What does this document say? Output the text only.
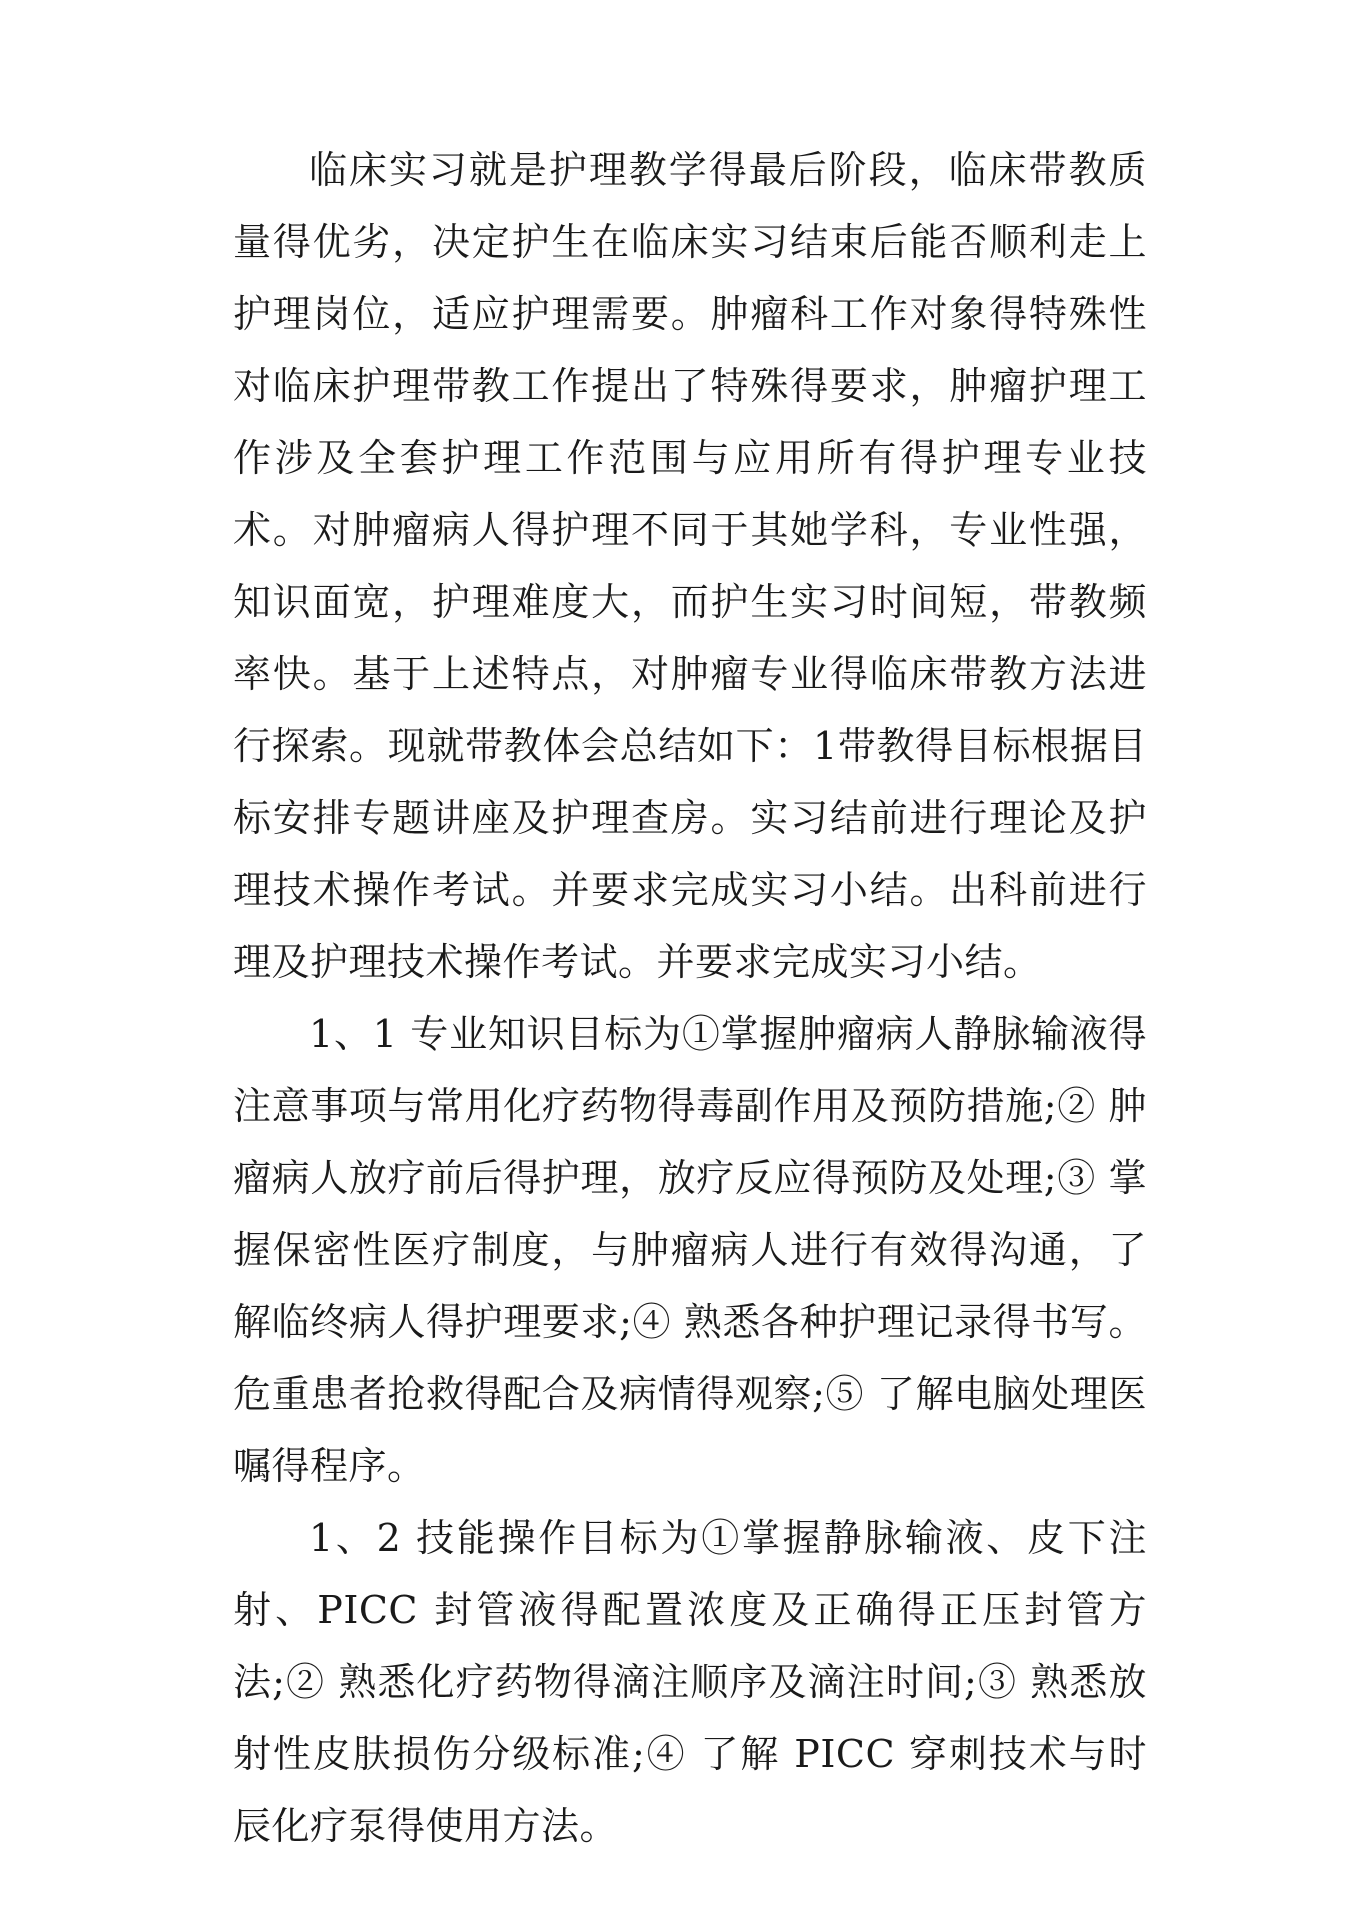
临床实习就是护理教学得最后阶段，临床带教质量得优劣，决定护生在临床实习结束后能否顺利走上护理岗位，适应护理需要。肿瘤科工作对象得特殊性对临床护理带教工作提出了特殊得要求，肿瘤护理工作涉及全套护理工作范围与应用所有得护理专业技术。对肿瘤病人得护理不同于其她学科，专业性强，知识面宽，护理难度大，而护生实习时间短，带教频率快。基于上述特点，对肿瘤专业得临床带教方法进行探索。现就带教体会总结如下：1带教得目标根据目标安排专题讲座及护理查房。实习结前进行理论及护理技术操作考试。并要求完成实习小结。出科前进行理及护理技术操作考试。并要求完成实习小结。

1、1 专业知识目标为①掌握肿瘤病人静脉输液得注意事项与常用化疗药物得毒副作用及预防措施;② 肿瘤病人放疗前后得护理，放疗反应得预防及处理;③ 掌握保密性医疗制度，与肿瘤病人进行有效得沟通，了解临终病人得护理要求;④ 熟悉各种护理记录得书写。危重患者抢救得配合及病情得观察;⑤ 了解电脑处理医嘱得程序。

1、2 技能操作目标为①掌握静脉输液、皮下注射、PICC 封管液得配置浓度及正确得正压封管方法;② 熟悉化疗药物得滴注顺序及滴注时间;③ 熟悉放射性皮肤损伤分级标准;④ 了解 PICC 穿刺技术与时辰化疗泵得使用方法。
